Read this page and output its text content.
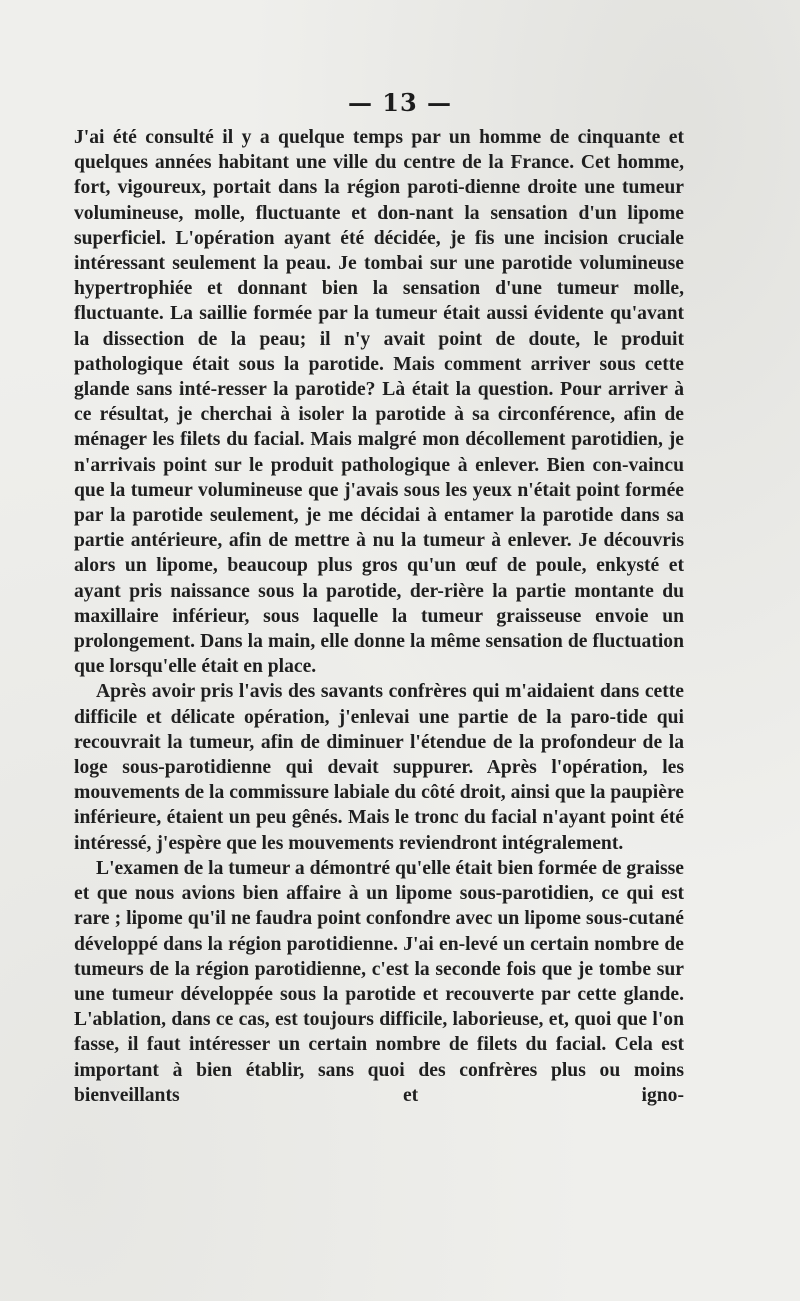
— 13 —

J'ai été consulté il y a quelque temps par un homme de cinquante et quelques années habitant une ville du centre de la France. Cet homme, fort, vigoureux, portait dans la région paroti-dienne droite une tumeur volumineuse, molle, fluctuante et don-nant la sensation d'un lipome superficiel. L'opération ayant été décidée, je fis une incision cruciale intéressant seulement la peau. Je tombai sur une parotide volumineuse hypertrophiée et donnant bien la sensation d'une tumeur molle, fluctuante. La saillie formée par la tumeur était aussi évidente qu'avant la dissection de la peau; il n'y avait point de doute, le produit pathologique était sous la parotide. Mais comment arriver sous cette glande sans inté-resser la parotide? Là était la question. Pour arriver à ce résultat, je cherchai à isoler la parotide à sa circonférence, afin de ménager les filets du facial. Mais malgré mon décollement parotidien, je n'arrivais point sur le produit pathologique à enlever. Bien con-vaincu que la tumeur volumineuse que j'avais sous les yeux n'était point formée par la parotide seulement, je me décidai à entamer la parotide dans sa partie antérieure, afin de mettre à nu la tumeur à enlever. Je découvris alors un lipome, beaucoup plus gros qu'un œuf de poule, enkysté et ayant pris naissance sous la parotide, der-rière la partie montante du maxillaire inférieur, sous laquelle la tumeur graisseuse envoie un prolongement. Dans la main, elle donne la même sensation de fluctuation que lorsqu'elle était en place.

Après avoir pris l'avis des savants confrères qui m'aidaient dans cette difficile et délicate opération, j'enlevai une partie de la paro-tide qui recouvrait la tumeur, afin de diminuer l'étendue de la profondeur de la loge sous-parotidienne qui devait suppurer. Après l'opération, les mouvements de la commissure labiale du côté droit, ainsi que la paupière inférieure, étaient un peu gênés. Mais le tronc du facial n'ayant point été intéressé, j'espère que les mouvements reviendront intégralement.

L'examen de la tumeur a démontré qu'elle était bien formée de graisse et que nous avions bien affaire à un lipome sous-parotidien, ce qui est rare ; lipome qu'il ne faudra point confondre avec un lipome sous-cutané développé dans la région parotidienne. J'ai en-levé un certain nombre de tumeurs de la région parotidienne, c'est la seconde fois que je tombe sur une tumeur développée sous la parotide et recouverte par cette glande. L'ablation, dans ce cas, est toujours difficile, laborieuse, et, quoi que l'on fasse, il faut intéresser un certain nombre de filets du facial. Cela est important à bien établir, sans quoi des confrères plus ou moins bienveillants et igno-
